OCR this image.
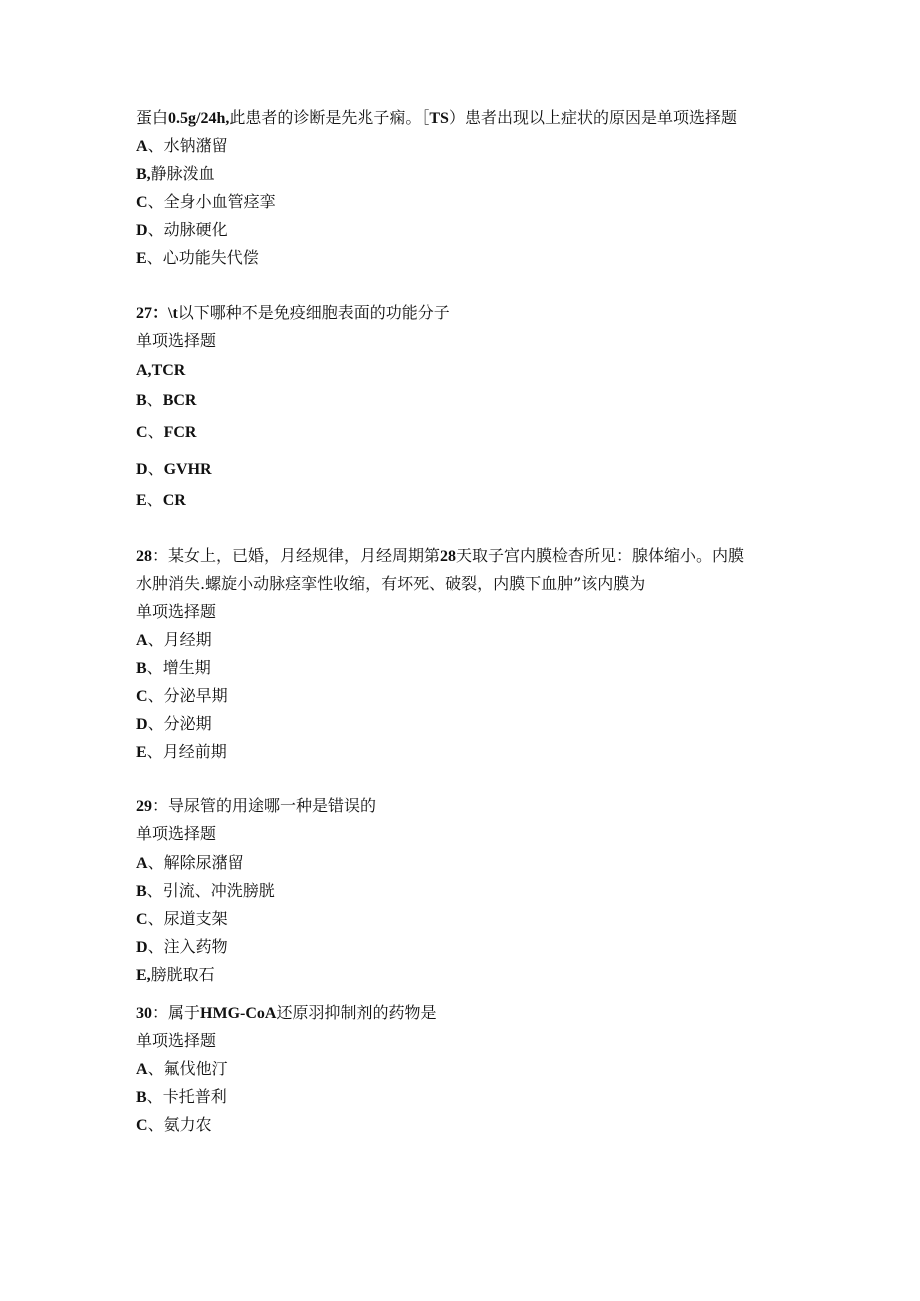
蛋白0.5g/24h,此患者的诊断是先兆子痫。［TS）患者出现以上症状的原因是单项选择题

A、水钠潴留

B,静脉泼血

C、全身小血管痉挛

D、动脉硬化

E、心功能失代偿

27：\t以下哪种不是免疫细胞表面的功能分子

单项选择题

A,TCR

B、BCR

C、FCR

D、GVHR

E、CR

28：某女上，已婚，月经规律，月经周期第28天取子宫内膜检杳所见：腺体缩小。内膜

水肿消失.螺旋小动脉痉挛性收缩，有坏死、破裂，内膜下血肿”该内膜为

单项选择题

A、月经期

B、增生期

C、分泌早期

D、分泌期

E、月经前期

29：导尿管的用途哪一种是错误的

单项选择题

A、解除尿潴留

B、引流、冲洗膀胱

C、尿道支架

D、注入药物

E,膀胱取石

30：属于HMG-CoA还原羽抑制剂的药物是

单项选择题

A、氟伐他汀

B、卡托普利

C、氨力农
